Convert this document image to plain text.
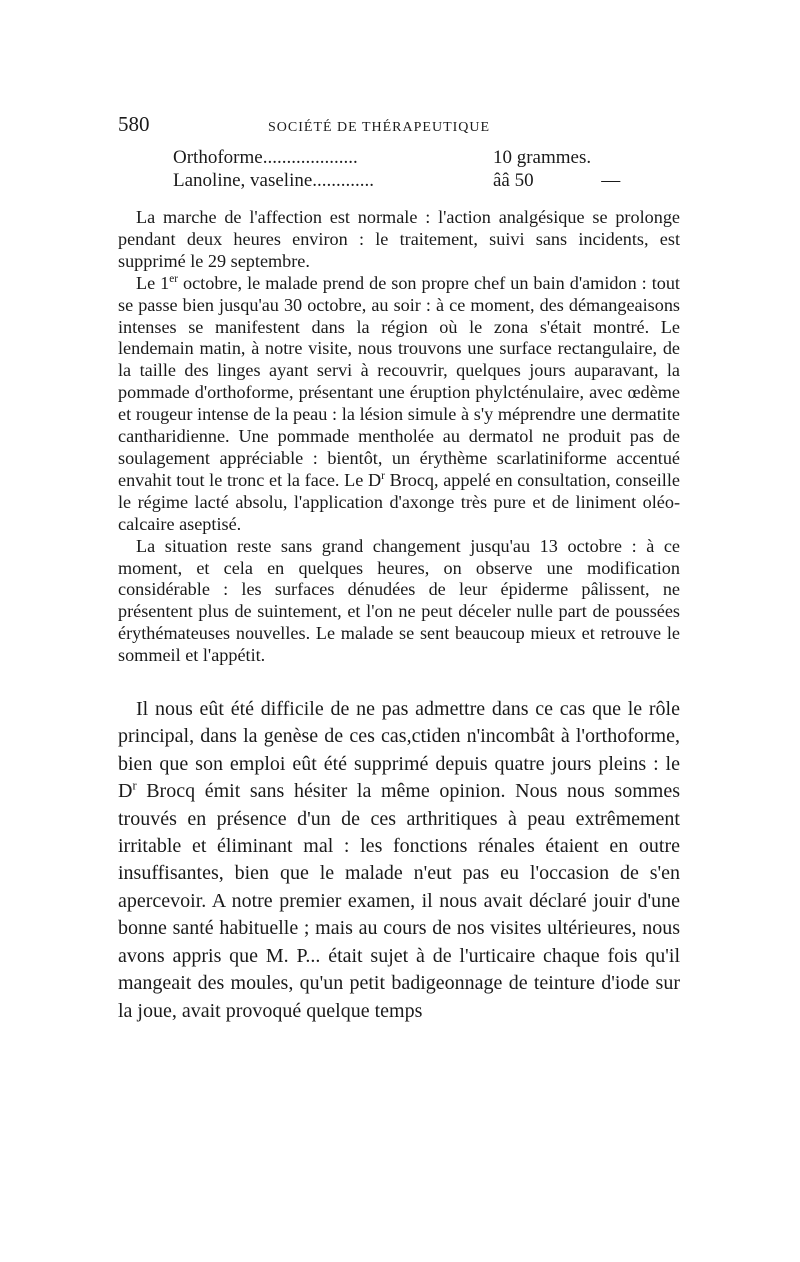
580	SOCIÉTÉ DE THÉRAPEUTIQUE
Orthoforme....................	10 grammes.
Lanoline, vaseline.............	ââ 50	—

La marche de l'affection est normale : l'action analgésique se prolonge pendant deux heures environ : le traitement, suivi sans incidents, est supprimé le 29 septembre.

Le 1er octobre, le malade prend de son propre chef un bain d'amidon : tout se passe bien jusqu'au 30 octobre, au soir : à ce moment, des démangeaisons intenses se manifestent dans la région où le zona s'était montré. Le lendemain matin, à notre visite, nous trouvons une surface rectangulaire, de la taille des linges ayant servi à recouvrir, quelques jours auparavant, la pommade d'orthoforme, présentant une éruption phylcténulaire, avec œdème et rougeur intense de la peau : la lésion simule à s'y méprendre une dermatite cantharidienne. Une pommade mentholée au dermatol ne produit pas de soulagement appréciable : bientôt, un érythème scarlatiniforme accentué envahit tout le tronc et la face. Le $D^r$ Brocq, appelé en consultation, conseille le régime lacté absolu, l'application d'axonge très pure et de liniment oléo-calcaire aseptisé.

La situation reste sans grand changement jusqu'au 13 octobre : à ce moment, et cela en quelques heures, on observe une modification considérable : les surfaces dénudées de leur épiderme pâlissent, ne présentent plus de suintement, et l'on ne peut déceler nulle part de poussées érythémateuses nouvelles. Le malade se sent beaucoup mieux et retrouve le sommeil et l'appétit.

Il nous eût été difficile de ne pas admettre dans ce cas que le rôle principal, dans la genèse de ces cas,ctiden n'incombât à l'orthoforme, bien que son emploi eût été supprimé depuis quatre jours pleins : le $D^r$ Brocq émit sans hésiter la même opinion. Nous nous sommes trouvés en présence d'un de ces arthritiques à peau extrêmement irritable et éliminant mal : les fonctions rénales étaient en outre insuffisantes, bien que le malade n'eut pas eu l'occasion de s'en apercevoir. A notre premier examen, il nous avait déclaré jouir d'une bonne santé habituelle ; mais au cours de nos visites ultérieures, nous avons appris que M. P... était sujet à de l'urticaire chaque fois qu'il mangeait des moules, qu'un petit badigeonnage de teinture d'iode sur la joue, avait provoqué quelque temps
